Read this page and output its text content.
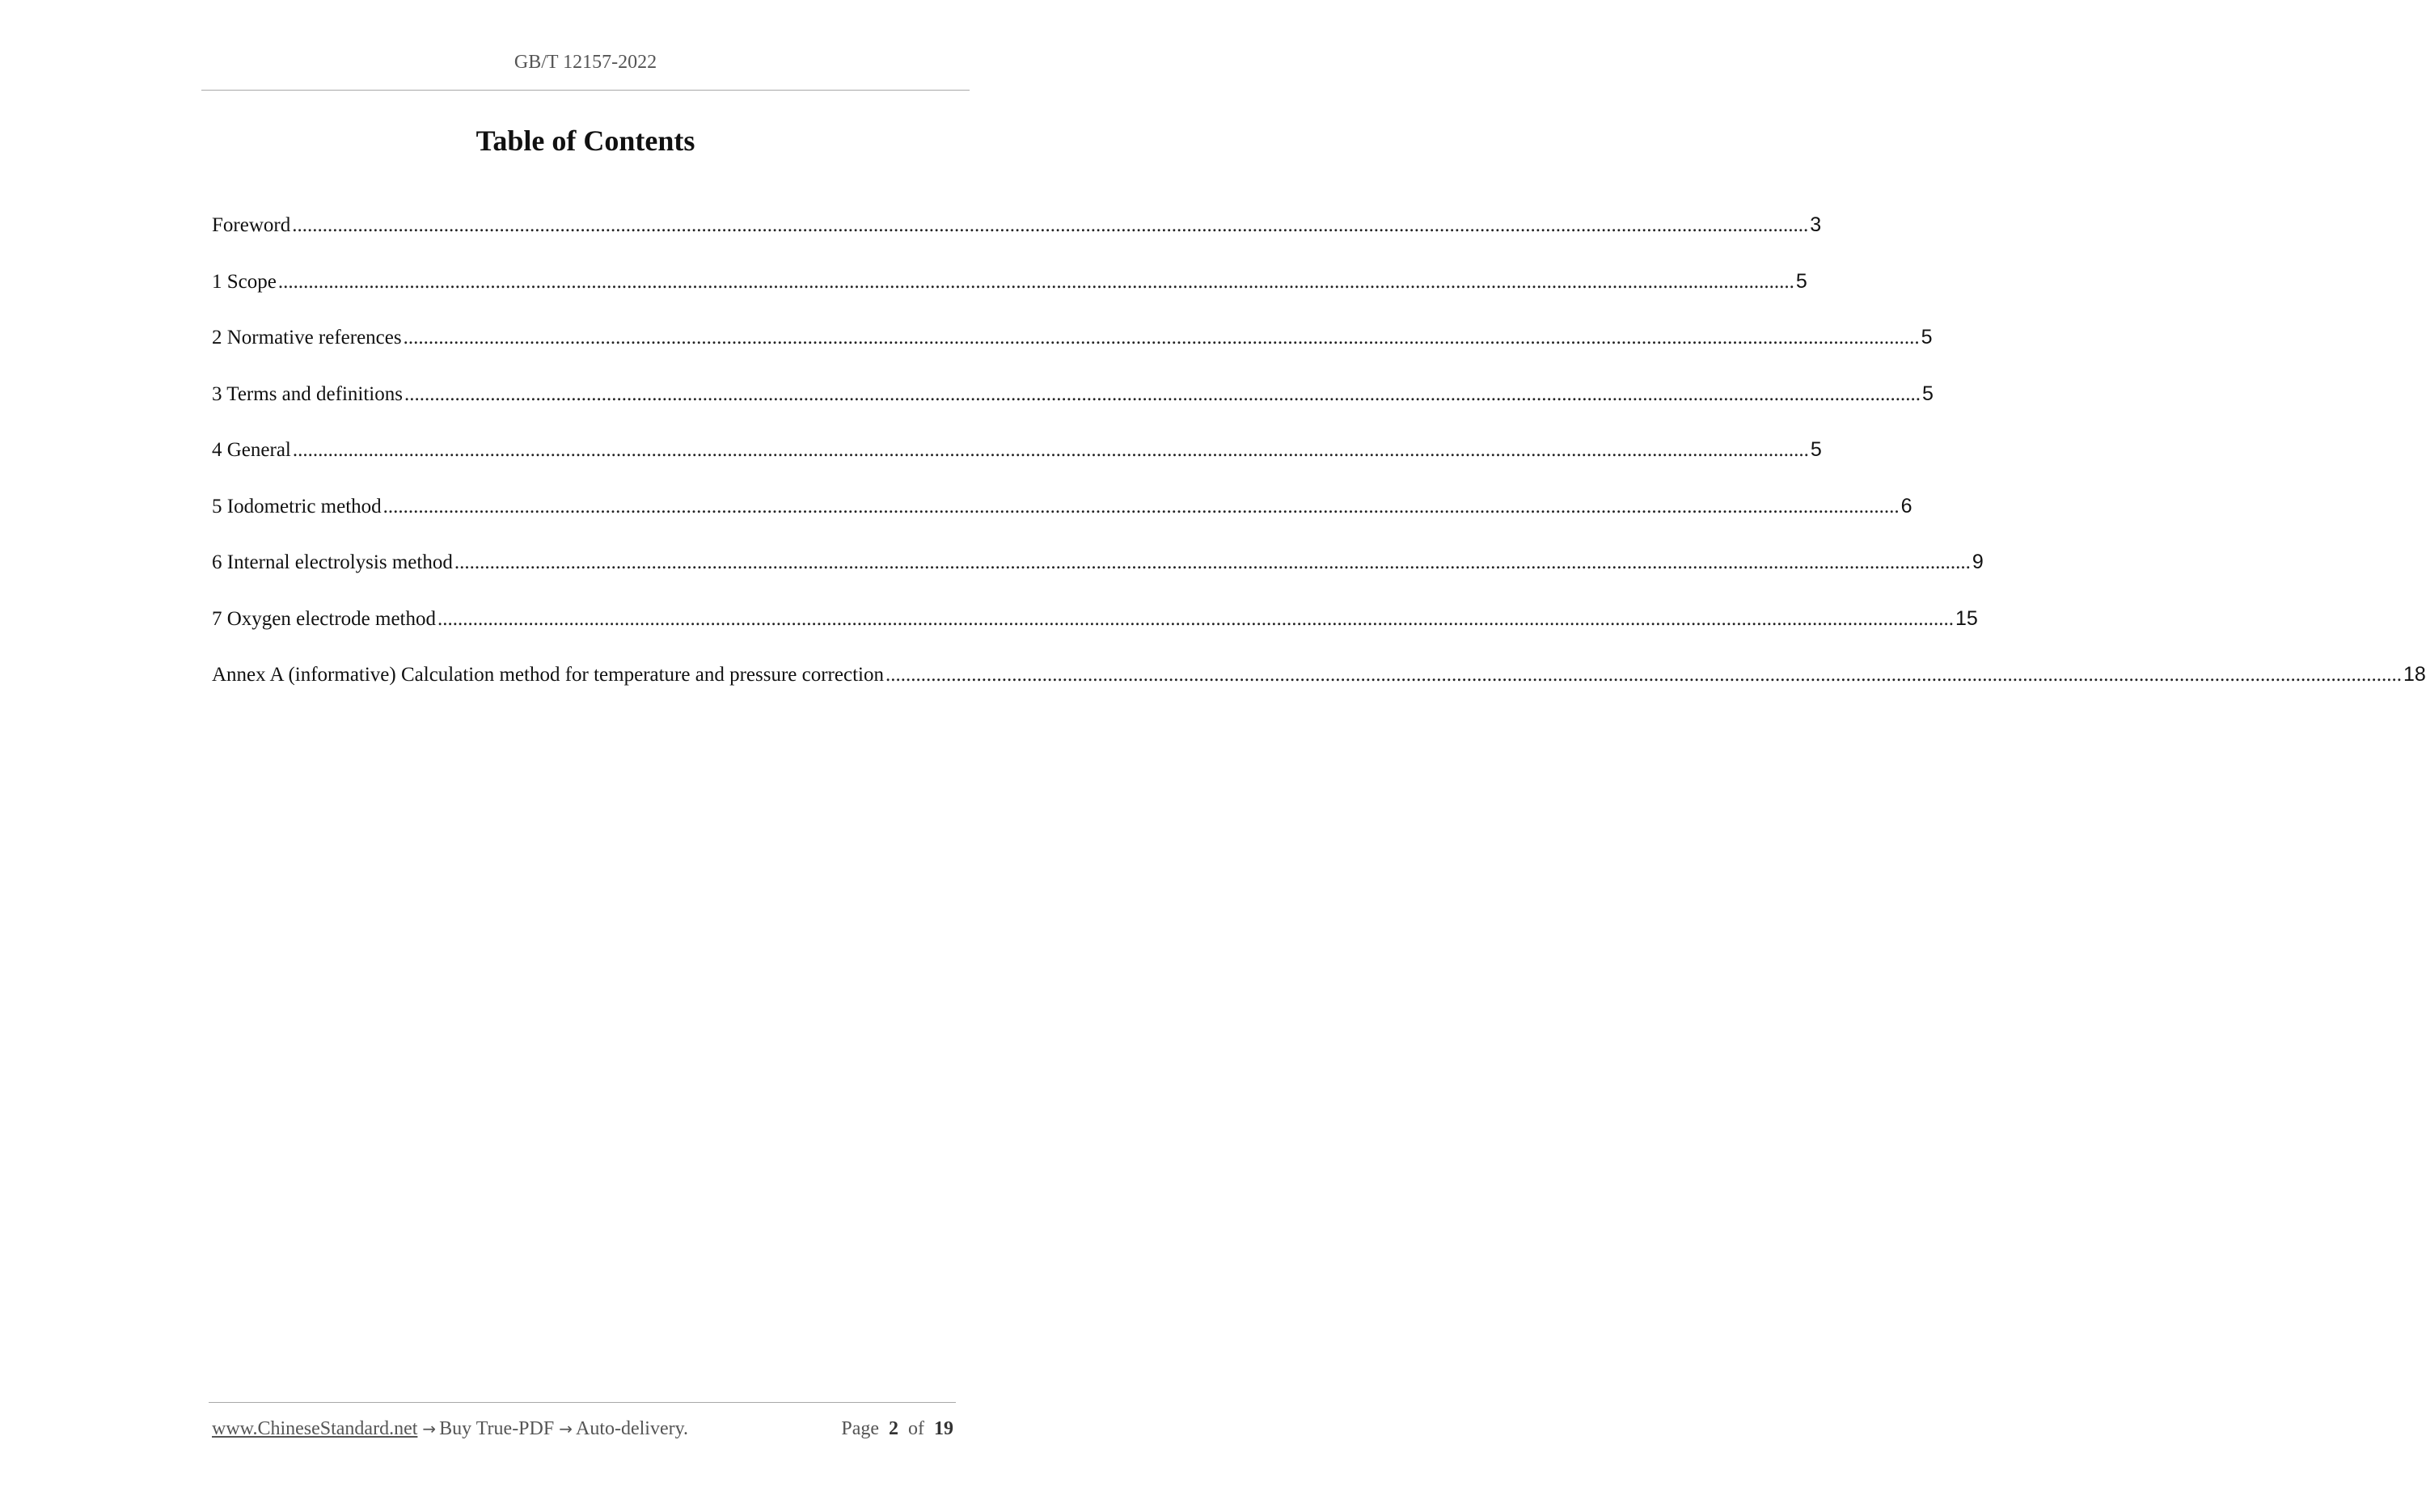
GB/T 12157-2022
Table of Contents
Foreword ............................................................................................................................................................................................................................................................................................................ 3
1 Scope ............................................................................................................................................................................................................................................................................................................ 5
2 Normative references ............................................................................................................................................................................................................................................................................................................ 5
3 Terms and definitions ............................................................................................................................................................................................................................................................................................................ 5
4 General ............................................................................................................................................................................................................................................................................................................ 5
5 Iodometric method ............................................................................................................................................................................................................................................................................................................ 6
6 Internal electrolysis method ............................................................................................................................................................................................................................................................................................................ 9
7 Oxygen electrode method ............................................................................................................................................................................................................................................................................................................ 15
Annex A (informative) Calculation method for temperature and pressure correction ............................................................................................................................................................................................................................................................................................................ 18
www.ChineseStandard.net → Buy True-PDF → Auto-delivery.	Page 2 of 19
